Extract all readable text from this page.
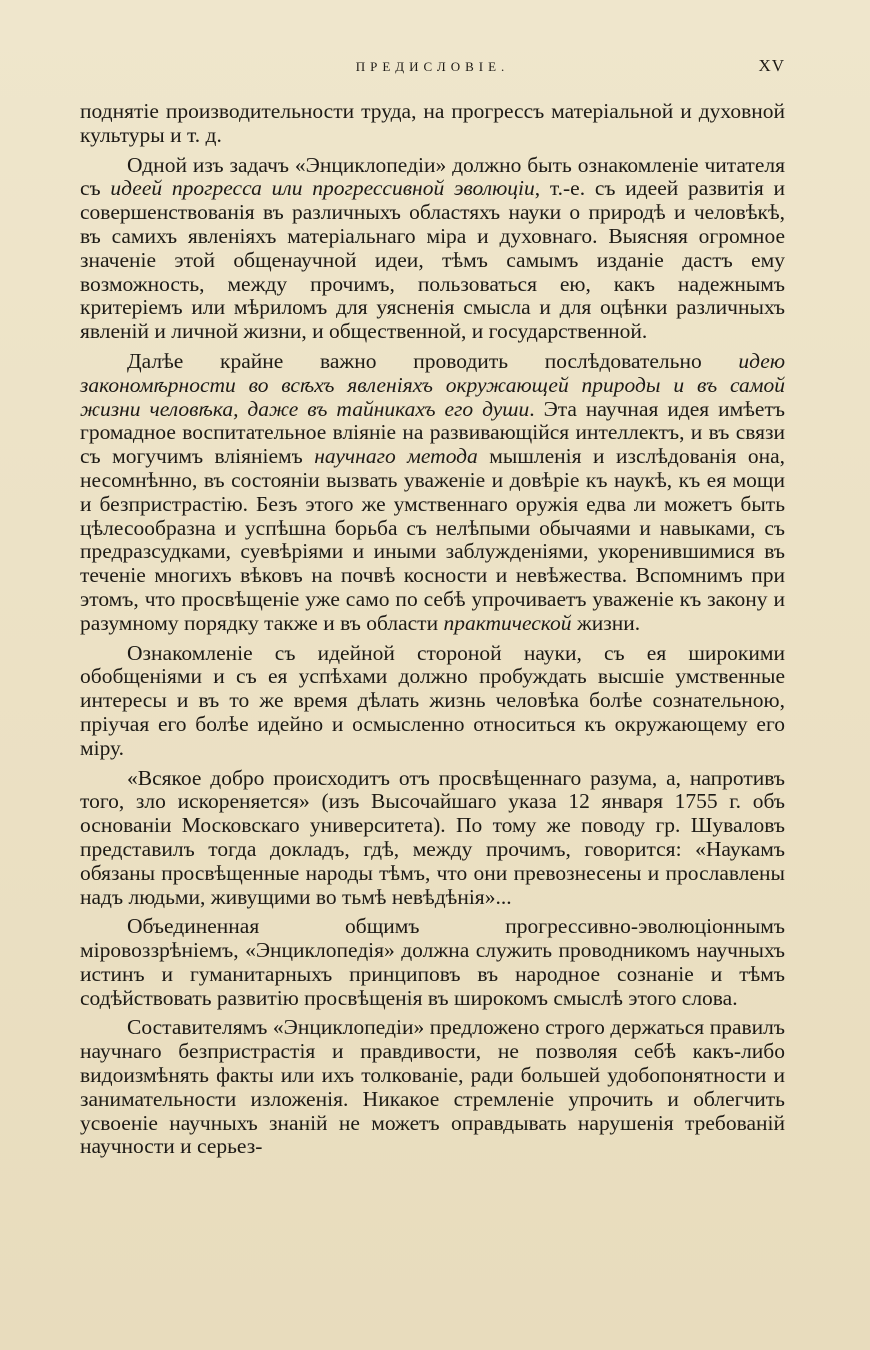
ПРЕДИСЛОВІЕ.	XV

поднятіе производительности труда, на прогрессъ матеріальной и духовной культуры и т. д.

Одной изъ задачъ «Энциклопедіи» должно быть ознакомленіе читателя съ идеей прогресса или прогрессивной эволюціи, т.-е. съ идеей развитія и совершенствованія въ различныхъ областяхъ науки о природѣ и человѣкѣ, въ самихъ явленіяхъ матеріальнаго міра и духовнаго. Выясняя огромное значеніе этой общенаучной идеи, тѣмъ самымъ изданіе дастъ ему возможность, между прочимъ, пользоваться ею, какъ надежнымъ критеріемъ или мѣриломъ для уясненія смысла и для оцѣнки различныхъ явленій и личной жизни, и общественной, и государственной.

Далѣе крайне важно проводить послѣдовательно идею закономѣрности во всѣхъ явленіяхъ окружающей природы и въ самой жизни человѣка, даже въ тайникахъ его души. Эта научная идея имѣетъ громадное воспитательное вліяніе на развивающійся интеллектъ, и въ связи съ могучимъ вліяніемъ научнаго метода мышленія и изслѣдованія она, несомнѣнно, въ состояніи вызвать уваженіе и довѣріе къ наукѣ, къ ея мощи и безпристрастію. Безъ этого же умственнаго оружія едва ли можетъ быть цѣлесообразна и успѣшна борьба съ нелѣпыми обычаями и навыками, съ предразсудками, суевѣріями и иными заблужденіями, укоренившимися въ теченіе многихъ вѣковъ на почвѣ косности и невѣжества. Вспомнимъ при этомъ, что просвѣщеніе уже само по себѣ упрочиваетъ уваженіе къ закону и разумному порядку также и въ области практической жизни.

Ознакомленіе съ идейной стороной науки, съ ея широкими обобщеніями и съ ея успѣхами должно пробуждать высшіе умственные интересы и въ то же время дѣлать жизнь человѣка болѣе сознательною, пріучая его болѣе идейно и осмысленно относиться къ окружающему его міру.

«Всякое добро происходитъ отъ просвѣщеннаго разума, а, напротивъ того, зло искореняется» (изъ Высочайшаго указа 12 января 1755 г. объ основаніи Московскаго университета). По тому же поводу гр. Шуваловъ представилъ тогда докладъ, гдѣ, между прочимъ, говорится: «Наукамъ обязаны просвѣщенные народы тѣмъ, что они превознесены и прославлены надъ людьми, живущими во тьмѣ невѣдѣнія»...

Объединенная общимъ прогрессивно-эволюціоннымъ міровоззрѣніемъ, «Энциклопедія» должна служить проводникомъ научныхъ истинъ и гуманитарныхъ принциповъ въ народное сознаніе и тѣмъ содѣйствовать развитію просвѣщенія въ широкомъ смыслѣ этого слова.

Составителямъ «Энциклопедіи» предложено строго держаться правилъ научнаго безпристрастія и правдивости, не позволяя себѣ какъ-либо видоизмѣнять факты или ихъ толкованіе, ради большей удобопонятности и занимательности изложенія. Никакое стремленіе упрочить и облегчить усвоеніе научныхъ знаній не можетъ оправдывать нарушенія требованій научности и серьез-
